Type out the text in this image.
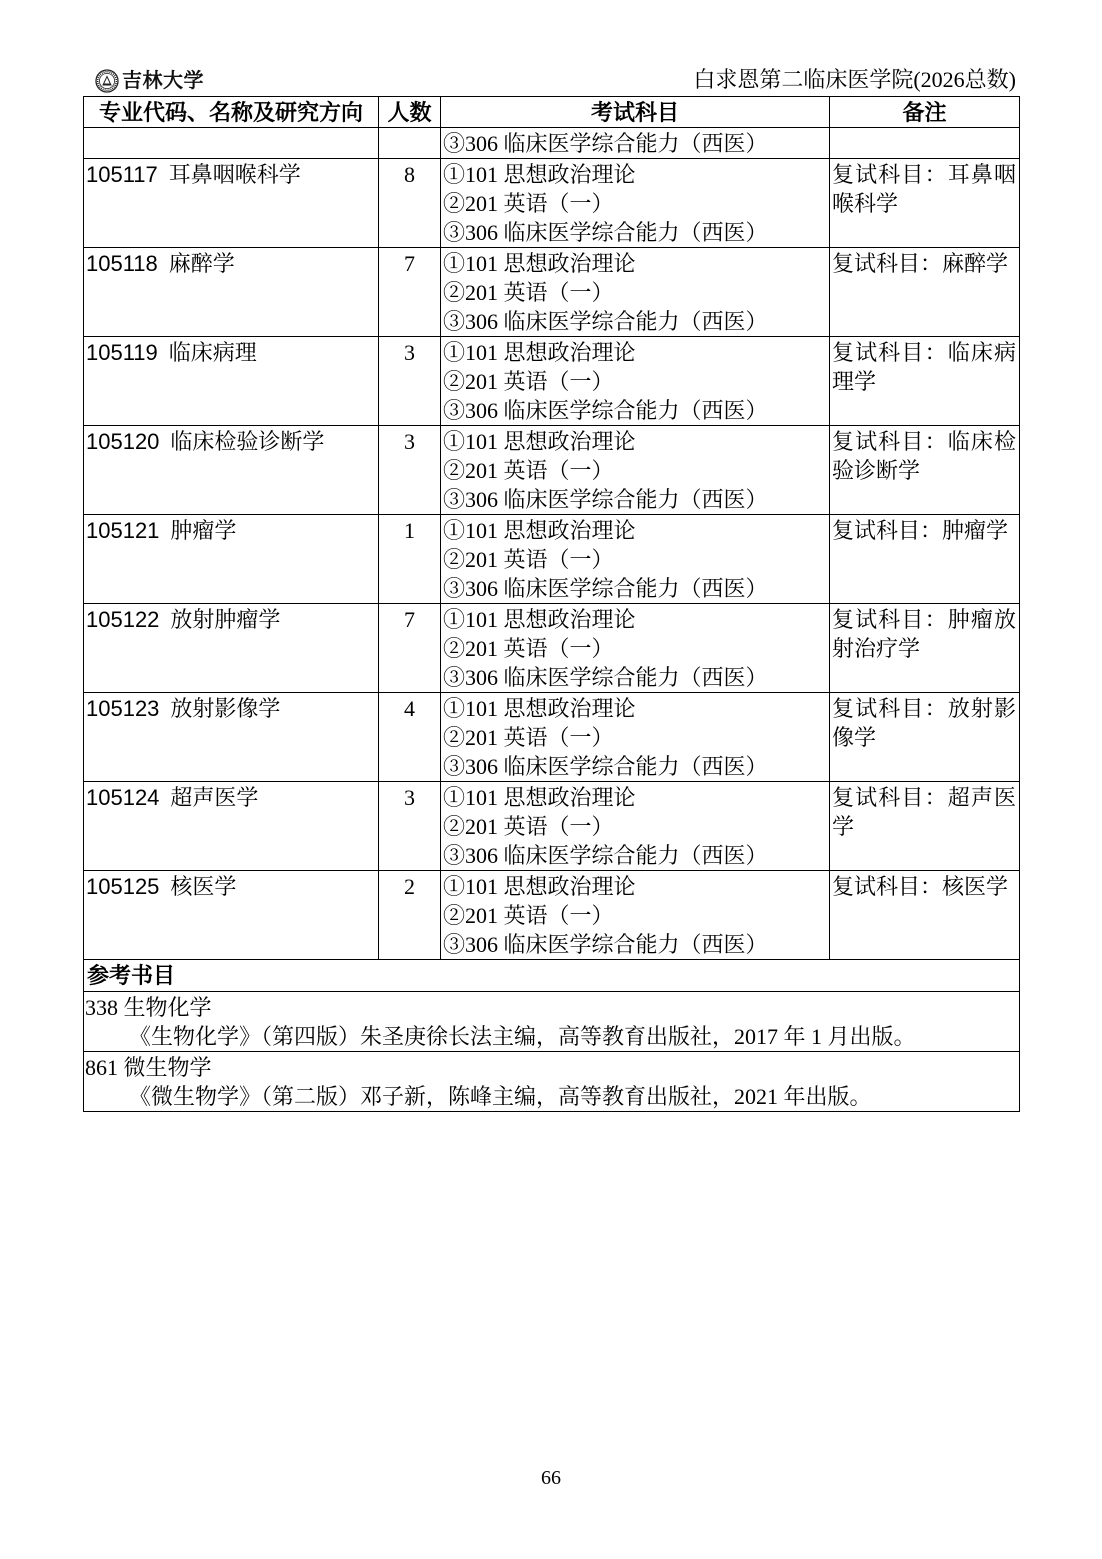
吉林大学	白求恩第二临床医学院(2026总数)
专业代码、名称及研究方向	人数	考试科目	备注

		③306 临床医学综合能力（西医）	

105117 耳鼻咽喉科学	8	①101 思想政治理论
②201 英语（一）
③306 临床医学综合能力（西医）	复试科目：耳鼻咽喉科学

105118 麻醉学	7	①101 思想政治理论
②201 英语（一）
③306 临床医学综合能力（西医）	复试科目：麻醉学

105119 临床病理	3	①101 思想政治理论
②201 英语（一）
③306 临床医学综合能力（西医）	复试科目：临床病理学

105120 临床检验诊断学	3	①101 思想政治理论
②201 英语（一）
③306 临床医学综合能力（西医）	复试科目：临床检验诊断学

105121 肿瘤学	1	①101 思想政治理论
②201 英语（一）
③306 临床医学综合能力（西医）	复试科目：肿瘤学

105122 放射肿瘤学	7	①101 思想政治理论
②201 英语（一）
③306 临床医学综合能力（西医）	复试科目：肿瘤放射治疗学

105123 放射影像学	4	①101 思想政治理论
②201 英语（一）
③306 临床医学综合能力（西医）	复试科目：放射影像学

105124 超声医学	3	①101 思想政治理论
②201 英语（一）
③306 临床医学综合能力（西医）	复试科目：超声医学

105125 核医学	2	①101 思想政治理论
②201 英语（一）
③306 临床医学综合能力（西医）	复试科目：核医学

参考书目			

338 生物化学
《生物化学》（第四版）朱圣庚徐长法主编，高等教育出版社，2017 年 1 月出版。			

861 微生物学
《微生物学》（第二版）邓子新，陈峰主编，高等教育出版社，2021 年出版。			
66
